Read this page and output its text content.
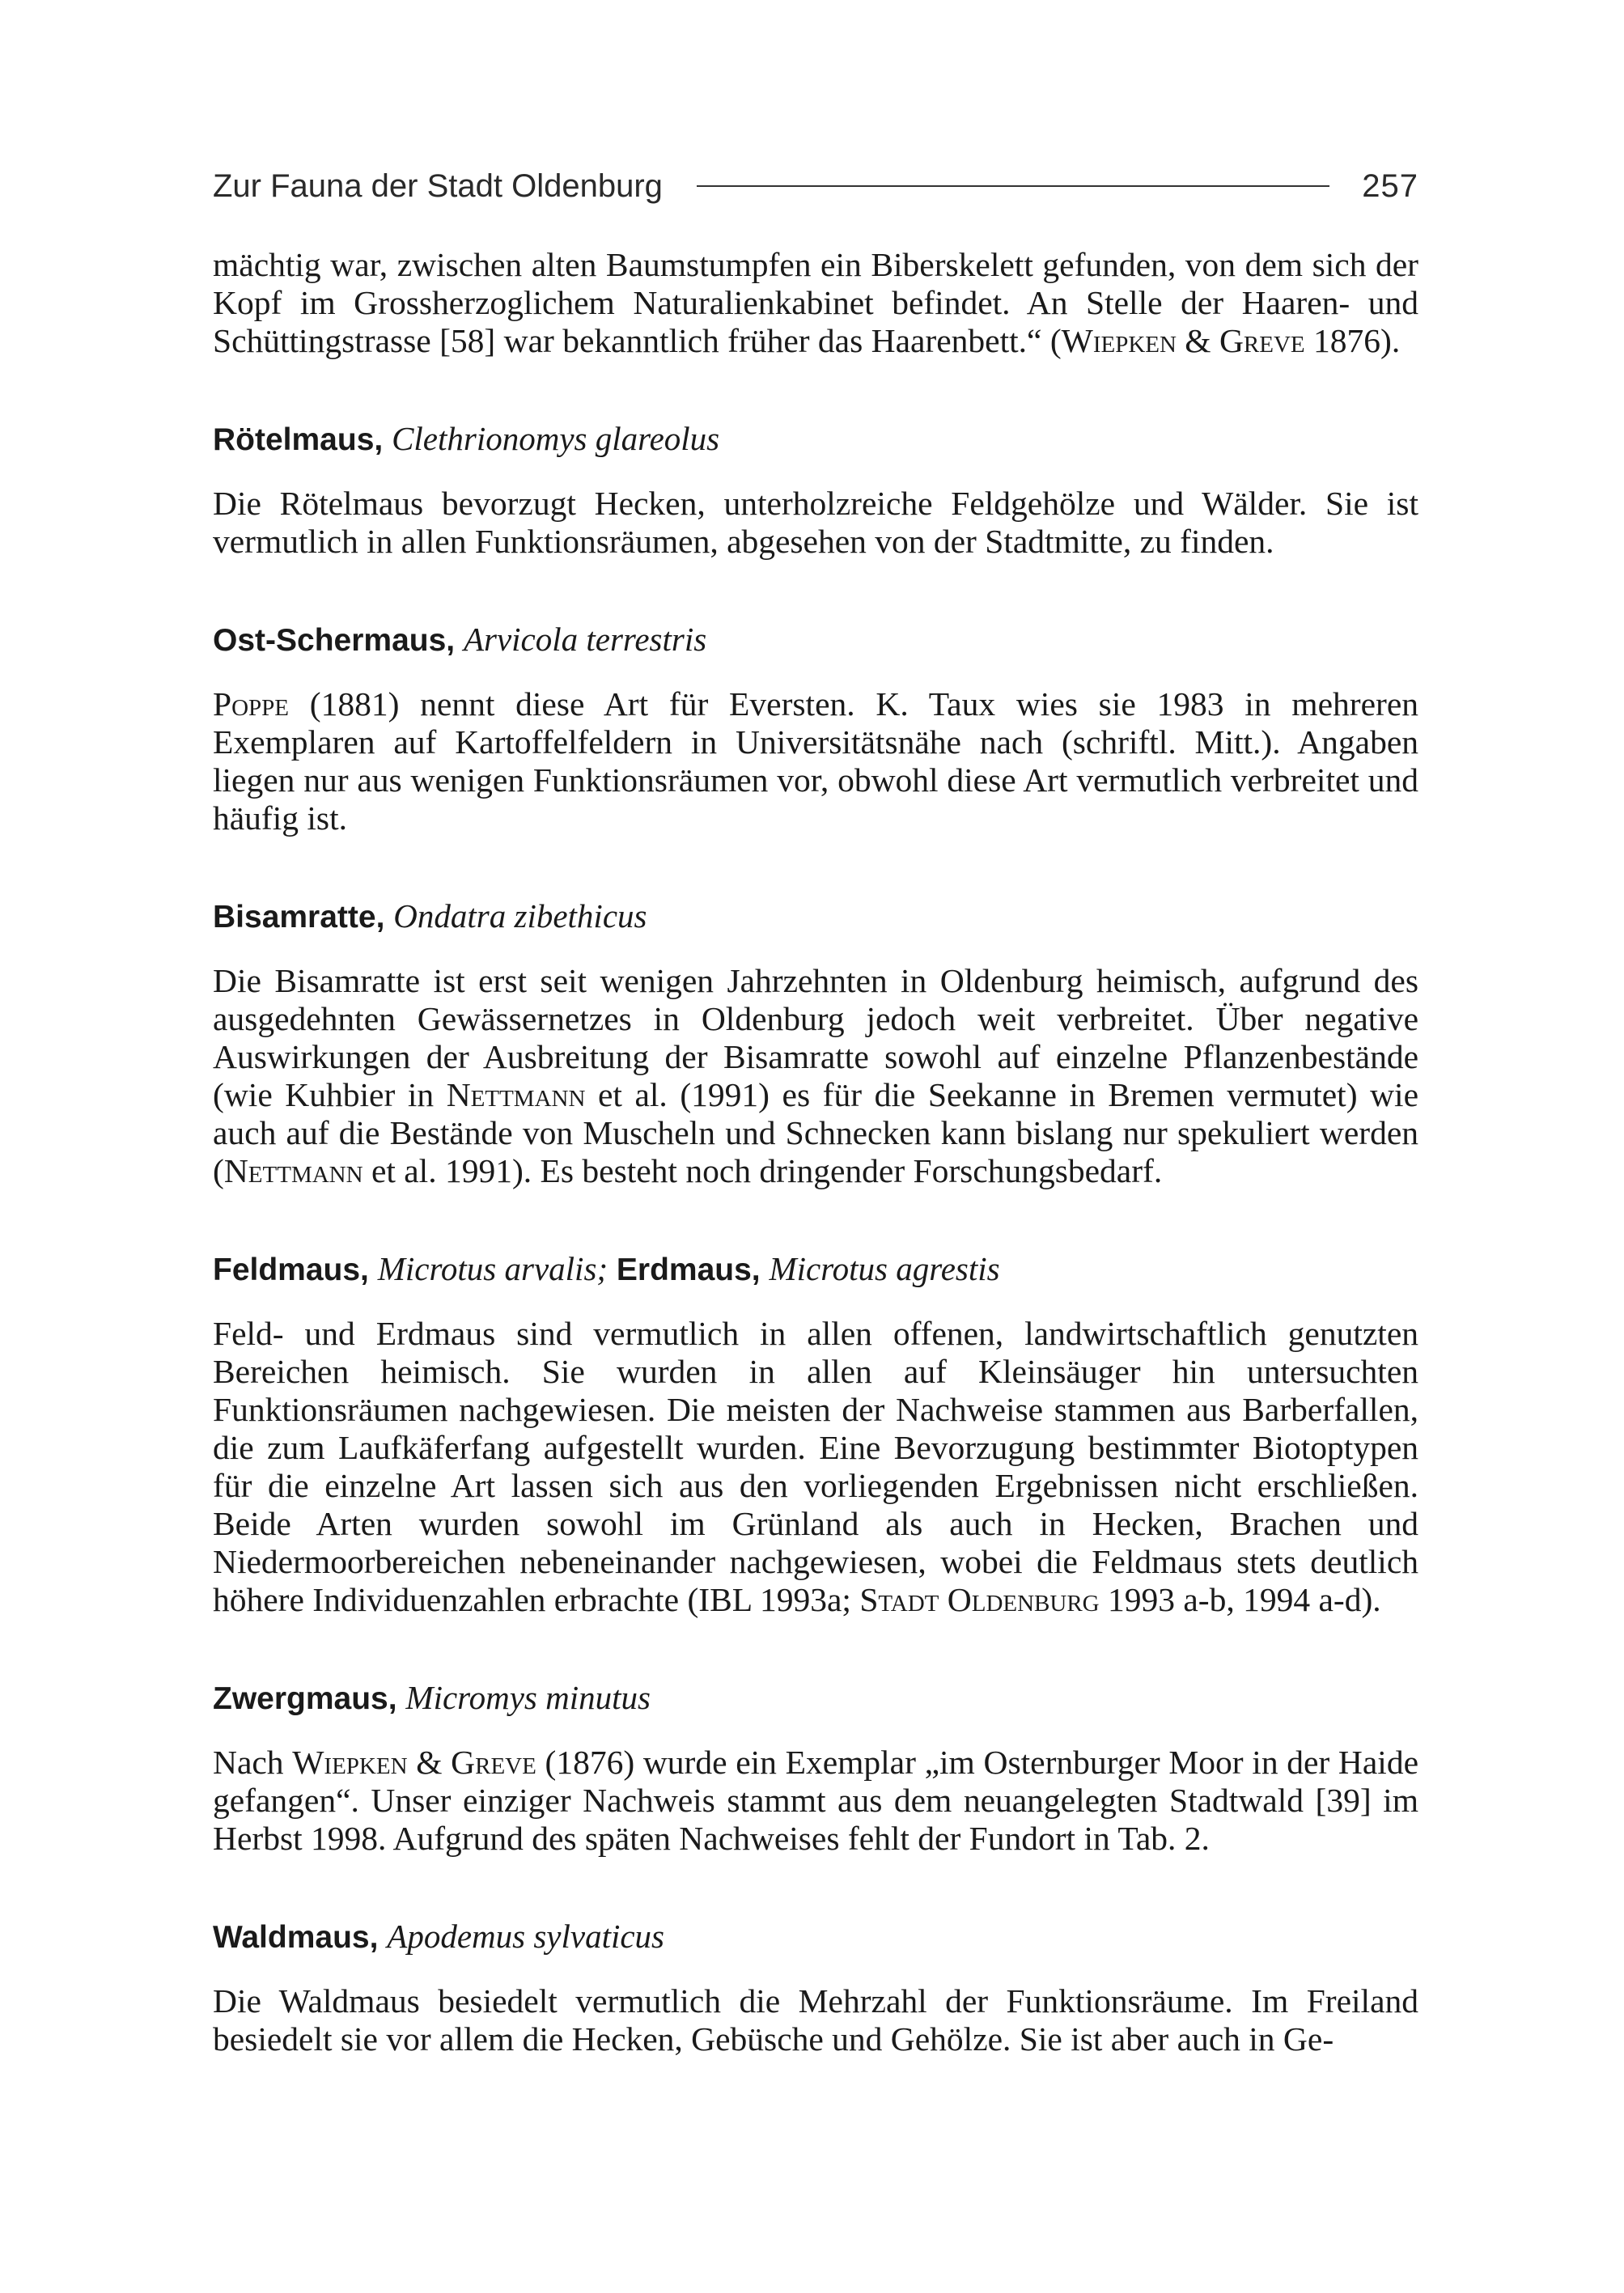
Zur Fauna der Stadt Oldenburg	257

mächtig war, zwischen alten Baumstumpfen ein Biberskelett gefunden, von dem sich der Kopf im Grossherzoglichem Naturalienkabinet befindet. An Stelle der Haaren- und Schüttingstrasse [58] war bekanntlich früher das Haarenbett.“ (Wiepken & Greve 1876).

Rötelmaus, Clethrionomys glareolus

Die Rötelmaus bevorzugt Hecken, unterholzreiche Feldgehölze und Wälder. Sie ist vermutlich in allen Funktionsräumen, abgesehen von der Stadtmitte, zu finden.

Ost-Schermaus, Arvicola terrestris

Poppe (1881) nennt diese Art für Eversten. K. Taux wies sie 1983 in mehreren Exemplaren auf Kartoffelfeldern in Universitätsnähe nach (schriftl. Mitt.). Angaben liegen nur aus wenigen Funktionsräumen vor, obwohl diese Art vermutlich verbreitet und häufig ist.

Bisamratte, Ondatra zibethicus

Die Bisamratte ist erst seit wenigen Jahrzehnten in Oldenburg heimisch, aufgrund des ausgedehnten Gewässernetzes in Oldenburg jedoch weit verbreitet. Über negative Auswirkungen der Ausbreitung der Bisamratte sowohl auf einzelne Pflanzenbestände (wie Kuhbier in Nettmann et al. (1991) es für die Seekanne in Bremen vermutet) wie auch auf die Bestände von Muscheln und Schnecken kann bislang nur spekuliert werden (Nettmann et al. 1991). Es besteht noch dringender Forschungsbedarf.

Feldmaus, Microtus arvalis; Erdmaus, Microtus agrestis

Feld- und Erdmaus sind vermutlich in allen offenen, landwirtschaftlich genutzten Bereichen heimisch. Sie wurden in allen auf Kleinsäuger hin untersuchten Funktionsräumen nachgewiesen. Die meisten der Nachweise stammen aus Barberfallen, die zum Laufkäferfang aufgestellt wurden. Eine Bevorzugung bestimmter Biotoptypen für die einzelne Art lassen sich aus den vorliegenden Ergebnissen nicht erschließen. Beide Arten wurden sowohl im Grünland als auch in Hecken, Brachen und Niedermoorbereichen nebeneinander nachgewiesen, wobei die Feldmaus stets deutlich höhere Individuenzahlen erbrachte (IBL 1993a; Stadt Oldenburg 1993 a-b, 1994 a-d).

Zwergmaus, Micromys minutus

Nach Wiepken & Greve (1876) wurde ein Exemplar „im Osternburger Moor in der Haide gefangen“. Unser einziger Nachweis stammt aus dem neuangelegten Stadtwald [39] im Herbst 1998. Aufgrund des späten Nachweises fehlt der Fundort in Tab. 2.

Waldmaus, Apodemus sylvaticus

Die Waldmaus besiedelt vermutlich die Mehrzahl der Funktionsräume. Im Freiland besiedelt sie vor allem die Hecken, Gebüsche und Gehölze. Sie ist aber auch in Ge-
